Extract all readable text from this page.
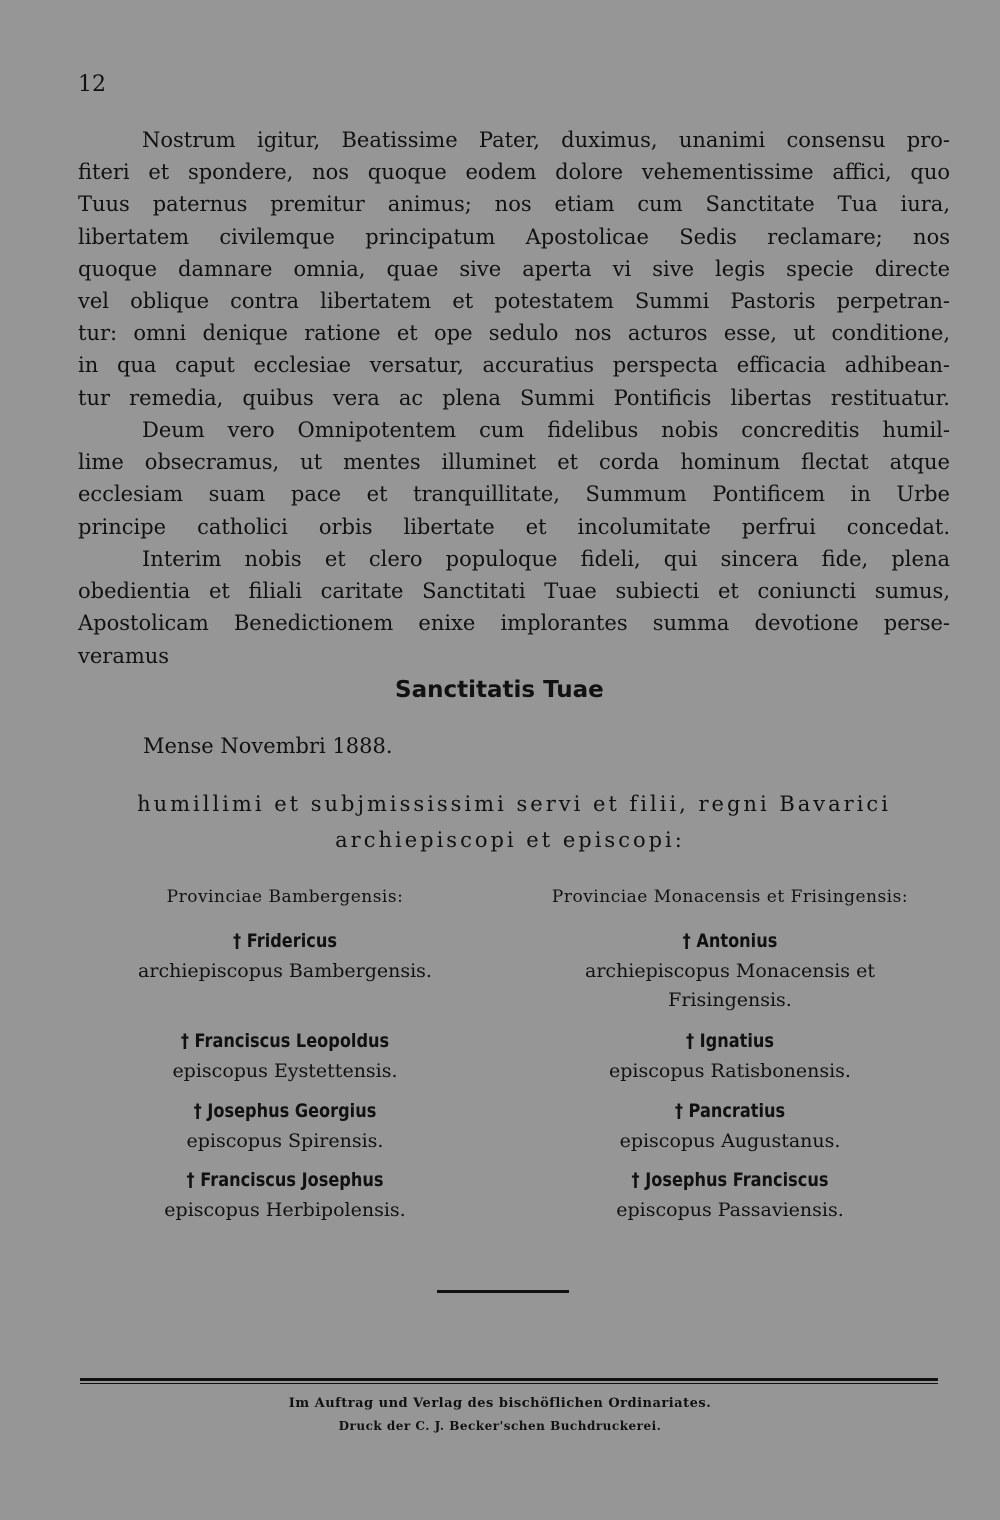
12
Nostrum igitur, Beatissime Pater, duximus, unanimi consensu pro-
fiteri et spondere, nos quoque eodem dolore vehementissime affici, quo
Tuus paternus premitur animus; nos etiam cum Sanctitate Tua iura,
libertatem civilemque principatum Apostolicae Sedis reclamare; nos
quoque damnare omnia, quae sive aperta vi sive legis specie directe
vel oblique contra libertatem et potestatem Summi Pastoris perpetran-
tur: omni denique ratione et ope sedulo nos acturos esse, ut conditione,
in qua caput ecclesiae versatur, accuratius perspecta efficacia adhibean-
tur remedia, quibus vera ac plena Summi Pontificis libertas restituatur.
Deum vero Omnipotentem cum fidelibus nobis concreditis humil-
lime obsecramus, ut mentes illuminet et corda hominum flectat atque
ecclesiam suam pace et tranquillitate, Summum Pontificem in Urbe
principe catholici orbis libertate et incolumitate perfrui concedat.
Interim nobis et clero populoque fideli, qui sincera fide, plena
obedientia et filiali caritate Sanctitati Tuae subiecti et coniuncti sumus,
Apostolicam Benedictionem enixe implorantes summa devotione perse-
veramus
Sanctitatis Tuae
Mense Novembri 1888.
humillimi et subjmississimi servi et filii, regni Bavarici
archiepiscopi et episcopi:
Provinciae Bambergensis:
† Fridericus
archiepiscopus Bambergensis.
† Franciscus Leopoldus
episcopus Eystettensis.
† Josephus Georgius
episcopus Spirensis.
† Franciscus Josephus
episcopus Herbipolensis.
Provinciae Monacensis et Frisingensis:
† Antonius
archiepiscopus Monacensis et
Frisingensis.
† Ignatius
episcopus Ratisbonensis.
† Pancratius
episcopus Augustanus.
† Josephus Franciscus
episcopus Passaviensis.
Im Auftrag und Verlag des bischöflichen Ordinariates.
Druck der C. J. Becker'schen Buchdruckerei.
